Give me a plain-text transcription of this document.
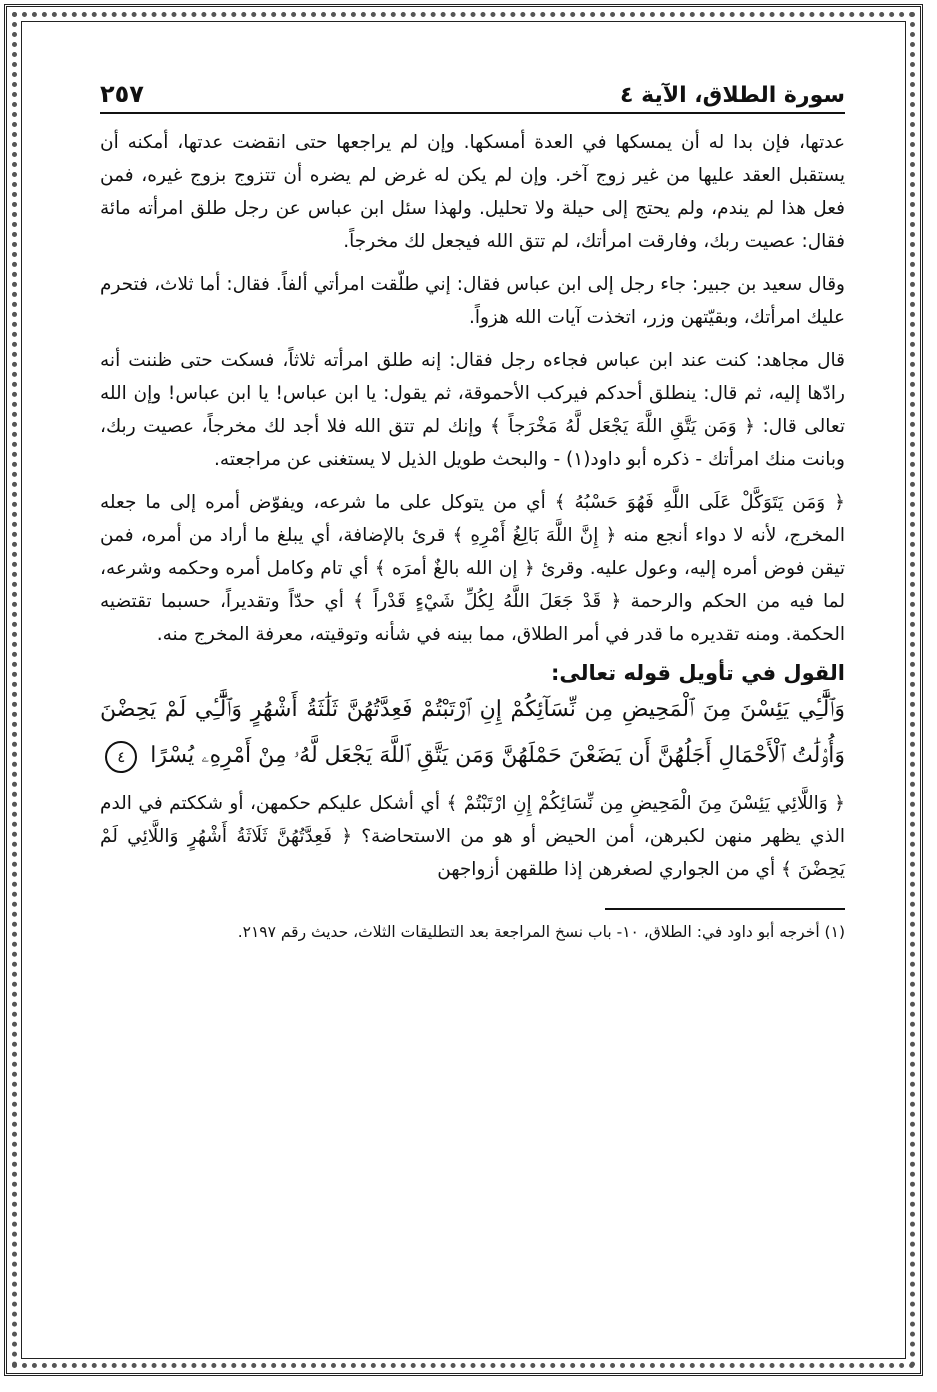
سورة الطلاق، الآية ٤
٢٥٧

عدتها، فإن بدا له أن يمسكها في العدة أمسكها. وإن لم يراجعها حتى انقضت عدتها، أمكنه أن يستقبل العقد عليها من غير زوج آخر. وإن لم يكن له غرض لم يضره أن تتزوج بزوج غيره، فمن فعل هذا لم يندم، ولم يحتج إلى حيلة ولا تحليل. ولهذا سئل ابن عباس عن رجل طلق امرأته مائة فقال: عصيت ربك، وفارقت امرأتك، لم تتق الله فيجعل لك مخرجاً.

وقال سعيد بن جبير: جاء رجل إلى ابن عباس فقال: إني طلّقت امرأتي ألفاً. فقال: أما ثلاث، فتحرم عليك امرأتك، وبقيّتهن وزر، اتخذت آيات الله هزواً.

قال مجاهد: كنت عند ابن عباس فجاءه رجل فقال: إنه طلق امرأته ثلاثاً، فسكت حتى ظننت أنه رادّها إليه، ثم قال: ينطلق أحدكم فيركب الأحموقة، ثم يقول: يا ابن عباس! يا ابن عباس! وإن الله تعالى قال: ﴿ وَمَن يَتَّقِ اللَّهَ يَجْعَل لَّهُ مَخْرَجاً ﴾ وإنك لم تتق الله فلا أجد لك مخرجاً، عصيت ربك، وبانت منك امرأتك - ذكره أبو داود(١) - والبحث طويل الذيل لا يستغنى عن مراجعته.

﴿ وَمَن يَتَوَكَّلْ عَلَى اللَّهِ فَهُوَ حَسْبُهُ ﴾ أي من يتوكل على ما شرعه، ويفوّض أمره إلى ما جعله المخرج، لأنه لا دواء أنجع منه ﴿ إِنَّ اللَّهَ بَالِغُ أَمْرِهِ ﴾ قرئ بالإضافة، أي يبلغ ما أراد من أمره، فمن تيقن فوض أمره إليه، وعول عليه. وقرئ ﴿ إن الله بالغٌ أمرَه ﴾ أي تام وكامل أمره وحكمه وشرعه، لما فيه من الحكم والرحمة ﴿ قَدْ جَعَلَ اللَّهُ لِكُلِّ شَيْءٍ قَدْراً ﴾ أي حدّاً وتقديراً، حسبما تقتضيه الحكمة. ومنه تقديره ما قدر في أمر الطلاق، مما بينه في شأنه وتوقيته، معرفة المخرج منه.

القول في تأويل قوله تعالى:
وَٱلَّٰٓـِٔي يَئِسْنَ مِنَ ٱلْمَحِيضِ مِن نِّسَآئِكُمْ إِنِ ٱرْتَبْتُمْ فَعِدَّتُهُنَّ ثَلَٰثَةُ أَشْهُرٍ وَٱلَّٰٓـِٔي لَمْ يَحِضْنَ وَأُو۟لَٰتُ ٱلْأَحْمَالِ أَجَلُهُنَّ أَن يَضَعْنَ حَمْلَهُنَّ وَمَن يَتَّقِ ٱللَّهَ يَجْعَل لَّهُۥ مِنْ أَمْرِهِۦ يُسْرًا ٤

﴿ وَاللَّائِي يَئِسْنَ مِنَ الْمَحِيضِ مِن نِّسَائِكُمْ إِنِ ارْتَبْتُمْ ﴾ أي أشكل عليكم حكمهن، أو شككتم في الدم الذي يظهر منهن لكبرهن، أمن الحيض أو هو من الاستحاضة؟ ﴿ فَعِدَّتُهُنَّ ثَلَاثَةُ أَشْهُرٍ وَاللَّائِي لَمْ يَحِضْنَ ﴾ أي من الجواري لصغرهن إذا طلقهن أزواجهن

(١) أخرجه أبو داود في: الطلاق، ١٠- باب نسخ المراجعة بعد التطليقات الثلاث، حديث رقم ٢١٩٧.
